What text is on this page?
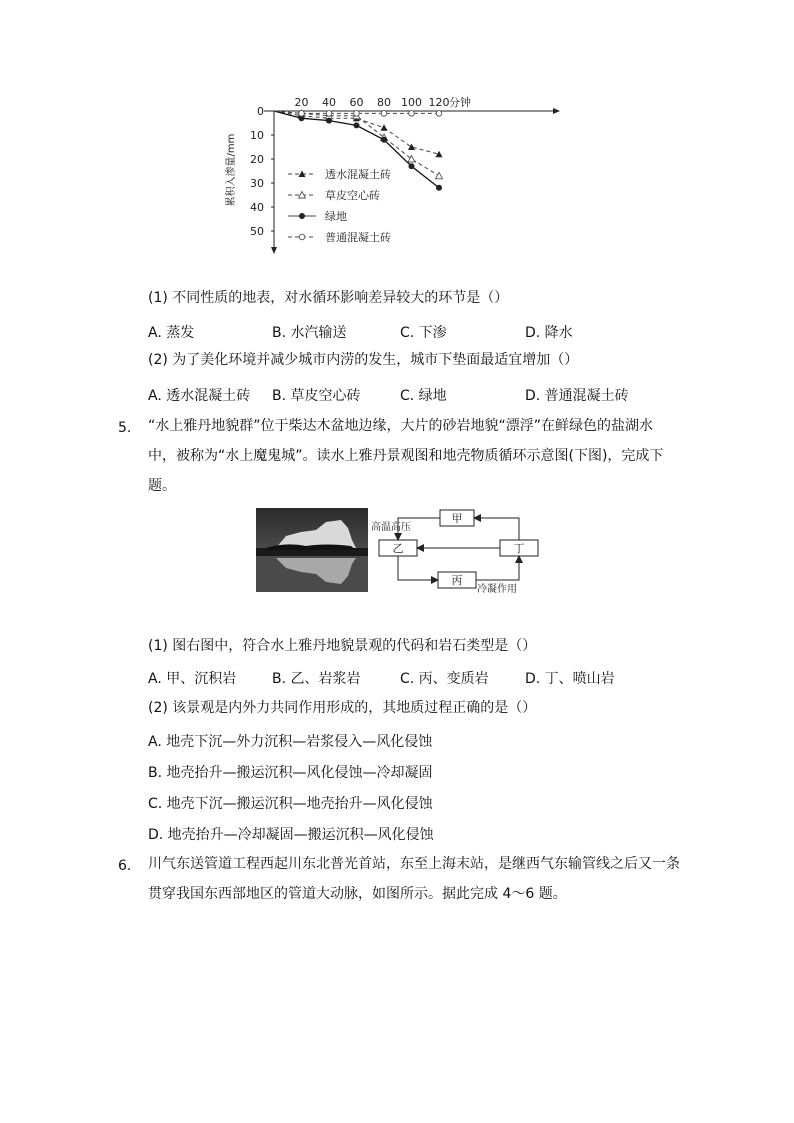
20 40 60 80 100 120 分钟
0
10
20
30
40
50
累积入渗量/mm	透水混凝土砖
草皮空心砖
绿地
普通混凝土砖
(1) 不同性质的地表，对水循环影响差异较大的环节是（）
A. 蒸发	B. 水汽输送	C. 下渗	D. 降水
(2) 为了美化环境并减少城市内涝的发生，城市下垫面最适宜增加（）
A. 透水混凝土砖 B. 草皮空心砖	C. 绿地	D. 普通混凝土砖
5. “水上雅丹地貌群”位于柴达木盆地边缘，大片的砂岩地貌“漂浮”在鲜绿色的盐湖水
中，被称为“水上魔鬼城”。读水上雅丹景观图和地壳物质循环示意图(下图)，完成下
题。
甲
乙	丁
丙
高温高压
冷凝作用
(1) 图右图中，符合水上雅丹地貌景观的代码和岩石类型是（）
A. 甲、沉积岩	B. 乙、岩浆岩	C. 丙、变质岩	D. 丁、喷山岩
(2) 该景观是内外力共同作用形成的，其地质过程正确的是（）
A. 地壳下沉—外力沉积—岩浆侵入—风化侵蚀
B. 地壳抬升—搬运沉积—风化侵蚀—冷却凝固
C. 地壳下沉—搬运沉积—地壳抬升—风化侵蚀
D. 地壳抬升—冷却凝固—搬运沉积—风化侵蚀
6. 川气东送管道工程西起川东北普光首站，东至上海末站，是继西气东输管线之后又一条
贯穿我国东西部地区的管道大动脉，如图所示。据此完成 4～6 题。
